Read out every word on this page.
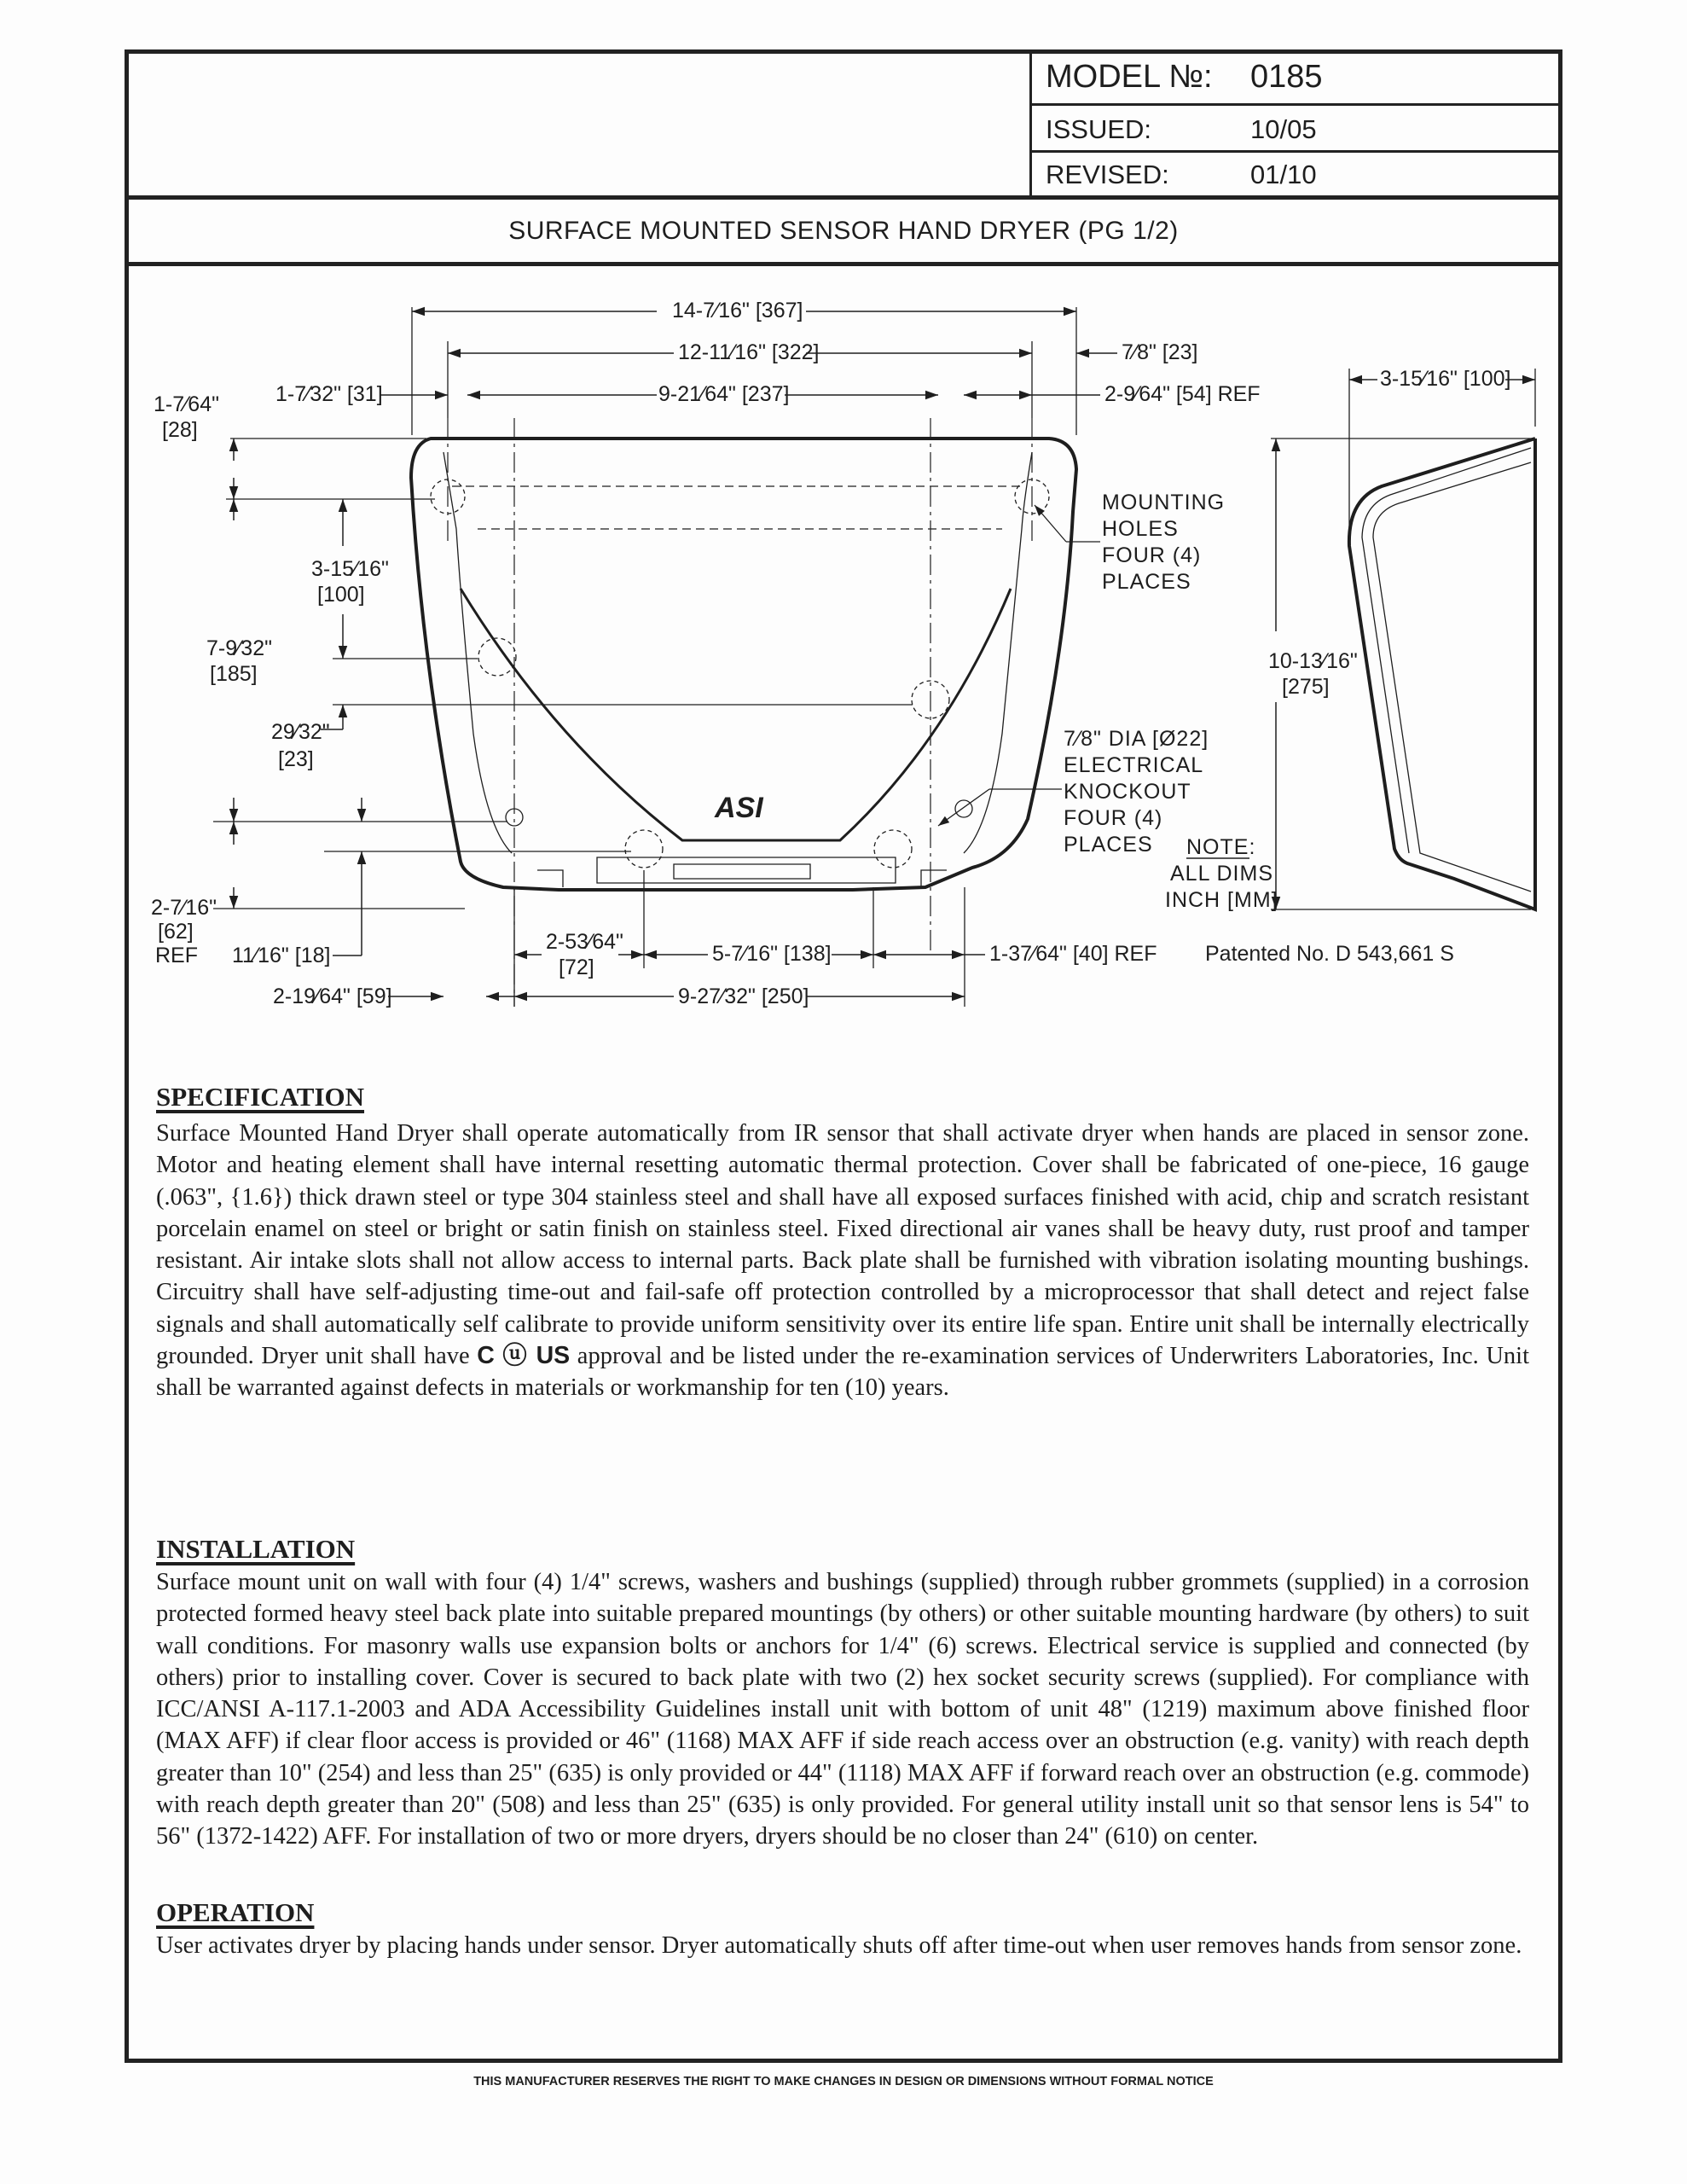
MODEL №: 0185
ISSUED:	10/05
REVISED:	01/10
SURFACE MOUNTED SENSOR HAND DRYER (PG 1/2)
ASI
14-7⁄16" [367]
12-11⁄16" [322]	7⁄8" [23]
1-7⁄32" [31]	9-21⁄64" [237]	2-9⁄64" [54] REF
1-7⁄64"
[28]
3-15⁄16"
[100]
7-9⁄32"
[185]
29⁄32"
[23]
2-7⁄16"
[62]
REF 11⁄16" [18]
2-19⁄64" [59]
2-53⁄64"
[72]
5-7⁄16" [138]	1-37⁄64" [40] REF
9-27⁄32" [250]
3-15⁄16" [100]
10-13⁄16"
[275]
MOUNTING
HOLES
FOUR (4)
PLACES
7⁄8" DIA [Ø22]
ELECTRICAL
KNOCKOUT
FOUR (4)
PLACES NOTE:
ALL DIMS
INCH [MM]
Patented No. D 543,661 S
SPECIFICATION

Surface Mounted Hand Dryer shall operate automatically from IR sensor that shall activate dryer when hands are placed in sensor zone. Motor and heating element shall have internal resetting automatic thermal protection. Cover shall be fabricated of one-piece, 16 gauge (.063", {1.6}) thick drawn steel or type 304 stainless steel and shall have all exposed surfaces finished with acid, chip and scratch resistant porcelain enamel on steel or bright or satin finish on stainless steel. Fixed directional air vanes shall be heavy duty, rust proof and tamper resistant. Air intake slots shall not allow access to internal parts. Back plate shall be furnished with vibration isolating mounting bushings. Circuitry shall have self-adjusting time-out and fail-safe off protection controlled by a microprocessor that shall detect and reject false signals and shall automatically self calibrate to provide uniform sensitivity over its entire life span. Entire unit shall be internally electrically grounded. Dryer unit shall have C ⓤ US approval and be listed under the re-examination services of Underwriters Laboratories, Inc. Unit shall be warranted against defects in materials or workmanship for ten (10) years.

INSTALLATION

Surface mount unit on wall with four (4) 1/4" screws, washers and bushings (supplied) through rubber grommets (supplied) in a corrosion protected formed heavy steel back plate into suitable prepared mountings (by others) or other suitable mounting hardware (by others) to suit wall conditions. For masonry walls use expansion bolts or anchors for 1/4" (6) screws. Electrical service is supplied and connected (by others) prior to installing cover. Cover is secured to back plate with two (2) hex socket security screws (supplied). For compliance with ICC/ANSI A-117.1-2003 and ADA Accessibility Guidelines install unit with bottom of unit 48" (1219) maximum above finished floor (MAX AFF) if clear floor access is provided or 46" (1168) MAX AFF if side reach access over an obstruction (e.g. vanity) with reach depth greater than 10" (254) and less than 25" (635) is only provided or 44" (1118) MAX AFF if forward reach over an obstruction (e.g. commode) with reach depth greater than 20" (508) and less than 25" (635) is only provided. For general utility install unit so that sensor lens is 54" to 56" (1372-1422) AFF. For installation of two or more dryers, dryers should be no closer than 24" (610) on center.

OPERATION

User activates dryer by placing hands under sensor. Dryer automatically shuts off after time-out when user removes hands from sensor zone.

THIS MANUFACTURER RESERVES THE RIGHT TO MAKE CHANGES IN DESIGN OR DIMENSIONS WITHOUT FORMAL NOTICE
